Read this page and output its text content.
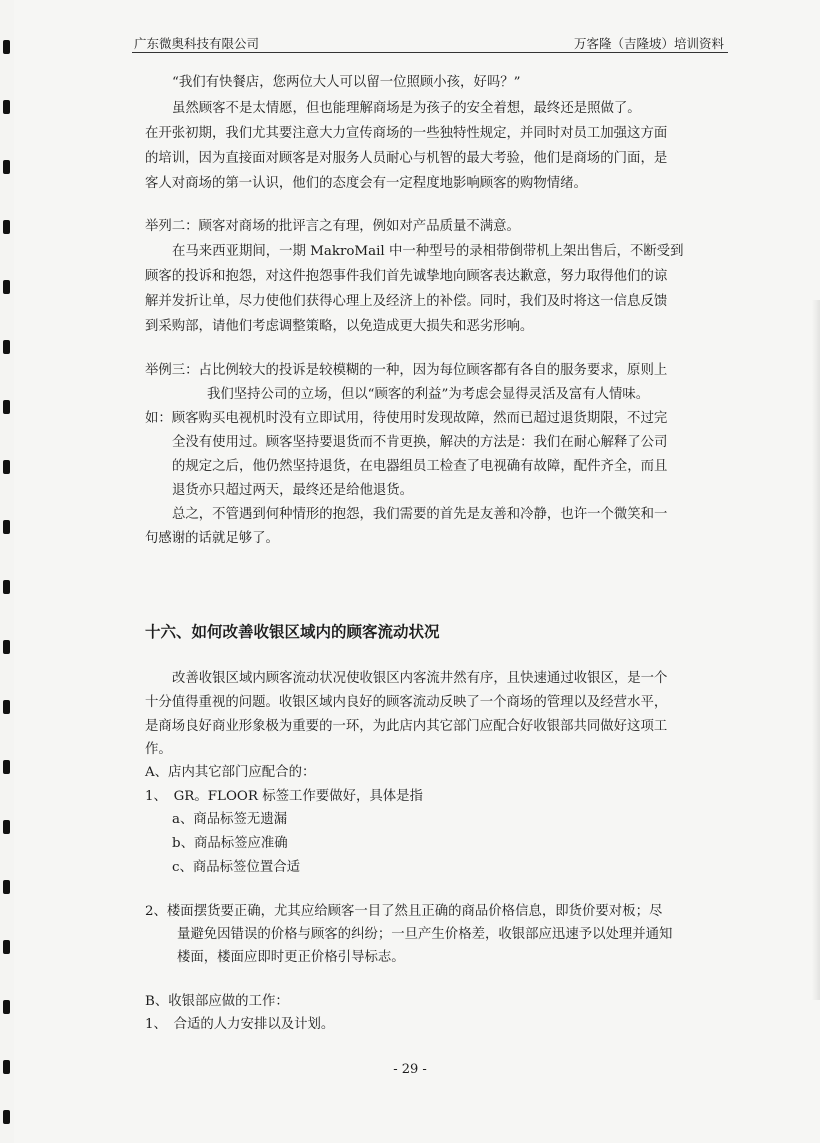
广东微奥科技有限公司	万客隆（吉隆坡）培训资料
“我们有快餐店，您两位大人可以留一位照顾小孩，好吗？”
虽然顾客不是太情愿，但也能理解商场是为孩子的安全着想，最终还是照做了。
在开张初期，我们尤其要注意大力宣传商场的一些独特性规定，并同时对员工加强这方面
的培训，因为直接面对顾客是对服务人员耐心与机智的最大考验，他们是商场的门面，是
客人对商场的第一认识，他们的态度会有一定程度地影响顾客的购物情绪。
举列二：顾客对商场的批评言之有理，例如对产品质量不满意。
在马来西亚期间，一期 MakroMail 中一种型号的录相带倒带机上架出售后，不断受到
顾客的投诉和抱怨，对这件抱怨事件我们首先诚挚地向顾客表达歉意，努力取得他们的谅
解并发折让单，尽力使他们获得心理上及经济上的补偿。同时，我们及时将这一信息反馈
到采购部，请他们考虑调整策略，以免造成更大损失和恶劣形响。
举例三：占比例较大的投诉是较模糊的一种，因为每位顾客都有各自的服务要求，原则上
我们坚持公司的立场，但以“顾客的利益”为考虑会显得灵活及富有人情味。
如：顾客购买电视机时没有立即试用，待使用时发现故障，然而已超过退货期限，不过完
全没有使用过。顾客坚持要退货而不肯更换，解决的方法是：我们在耐心解释了公司
的规定之后，他仍然坚持退货，在电器组员工检查了电视确有故障，配件齐全，而且
退货亦只超过两天，最终还是给他退货。
总之，不管遇到何种情形的抱怨，我们需要的首先是友善和冷静，也许一个微笑和一
句感谢的话就足够了。
十六、如何改善收银区域内的顾客流动状况
改善收银区域内顾客流动状况使收银区内客流井然有序，且快速通过收银区，是一个
十分值得重视的问题。收银区域内良好的顾客流动反映了一个商场的管理以及经营水平，
是商场良好商业形象极为重要的一环，为此店内其它部门应配合好收银部共同做好这项工
作。
A、店内其它部门应配合的：
1、　GR。FLOOR 标签工作要做好，具体是指
a、商品标签无遗漏
b、商品标签应准确
c、商品标签位置合适
2、楼面摆货要正确，尤其应给顾客一目了然且正确的商品价格信息，即货价要对板；尽
量避免因错误的价格与顾客的纠纷；一旦产生价格差，收银部应迅速予以处理并通知
楼面，楼面应即时更正价格引导标志。
B、收银部应做的工作：
1、　合适的人力安排以及计划。
- 29 -
